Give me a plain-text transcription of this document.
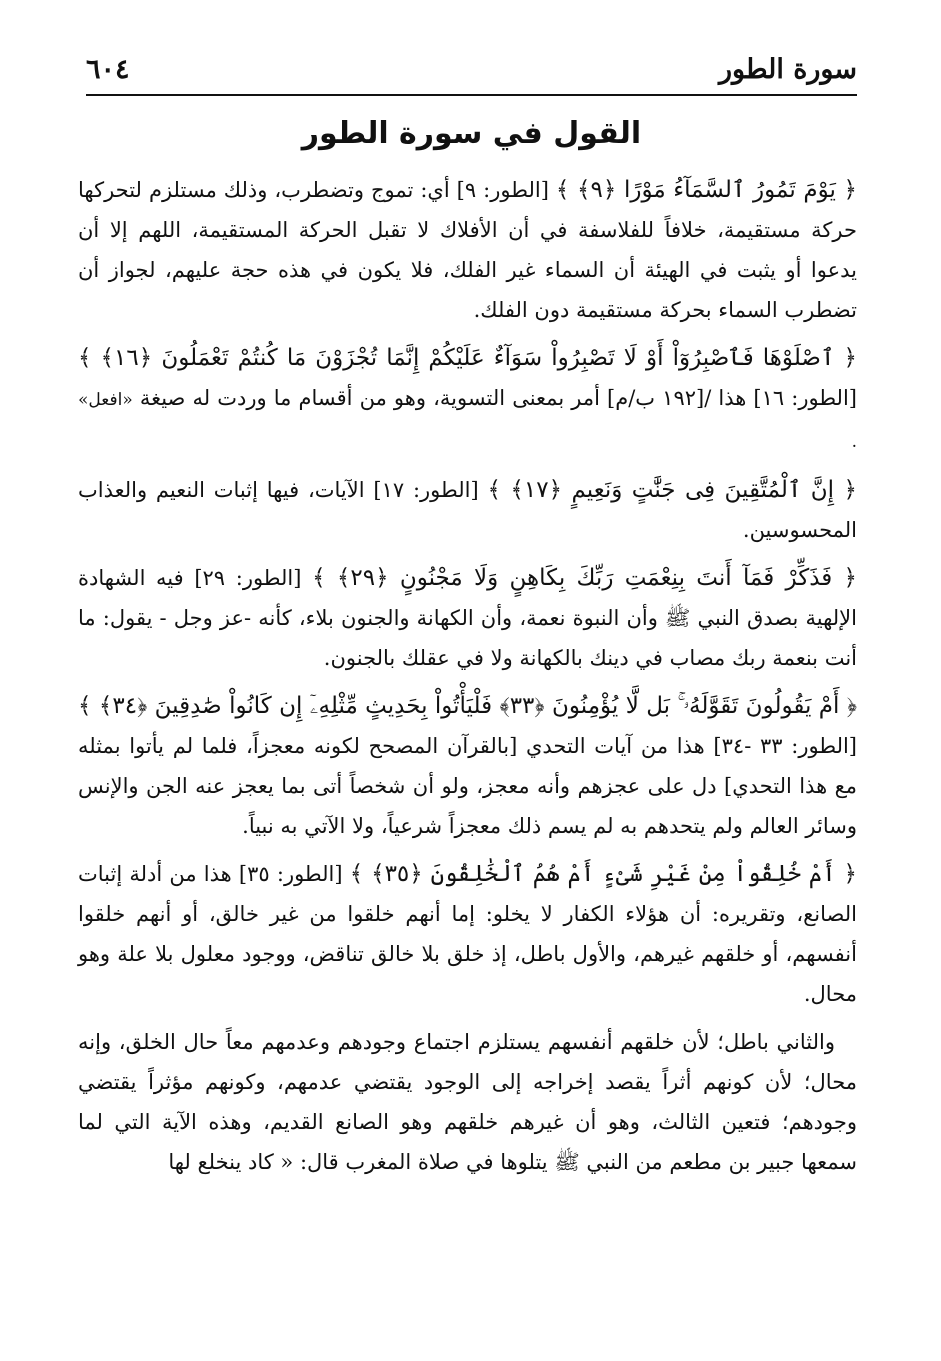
سورة الطور
٦٠٤
القول في سورة الطور

﴿ يَوْمَ تَمُورُ ٱلسَّمَآءُ مَوْرًا ﴿٩﴾ ﴾ [الطور: ٩] أي: تموج وتضطرب، وذلك مستلزم لتحركها حركة مستقيمة، خلافاً للفلاسفة في أن الأفلاك لا تقبل الحركة المستقيمة، اللهم إلا أن يدعوا أو يثبت في الهيئة أن السماء غير الفلك، فلا يكون في هذه حجة عليهم، لجواز أن تضطرب السماء بحركة مستقيمة دون الفلك.

﴿ ٱصْلَوْهَا فَٱصْبِرُوٓاْ أَوْ لَا تَصْبِرُواْ سَوَآءٌ عَلَيْكُمْ إِنَّمَا تُجْزَوْنَ مَا كُنتُمْ تَعْمَلُونَ ﴿١٦﴾ ﴾ [الطور: ١٦] هذا /[١٩٢ ب/م] أمر بمعنى التسوية، وهو من أقسام ما وردت له صيغة «افعل» .

﴿ إِنَّ ٱلْمُتَّقِينَ فِى جَنَّٰتٍ وَنَعِيمٍ ﴿١٧﴾ ﴾ [الطور: ١٧] الآيات، فيها إثبات النعيم والعذاب المحسوسين.

﴿ فَذَكِّرْ فَمَآ أَنتَ بِنِعْمَتِ رَبِّكَ بِكَاهِنٍ وَلَا مَجْنُونٍ ﴿٢٩﴾ ﴾ [الطور: ٢٩] فيه الشهادة الإلهية بصدق النبي ﷺ وأن النبوة نعمة، وأن الكهانة والجنون بلاء، كأنه -عز وجل - يقول: ما أنت بنعمة ربك مصاب في دينك بالكهانة ولا في عقلك بالجنون.

﴿ أَمْ يَقُولُونَ تَقَوَّلَهُۥ ۚ بَل لَّا يُؤْمِنُونَ ﴿٣٣﴾ فَلْيَأْتُواْ بِحَدِيثٍ مِّثْلِهِۦٓ إِن كَانُواْ صَٰدِقِينَ ﴿٣٤﴾ ﴾ [الطور: ٣٣ -٣٤] هذا من آيات التحدي [بالقرآن المصحح لكونه معجزاً، فلما لم يأتوا بمثله مع هذا التحدي] دل على عجزهم وأنه معجز، ولو أن شخصاً أتى بما يعجز عنه الجن والإنس وسائر العالم ولم يتحدهم به لم يسم ذلك معجزاً شرعياً، ولا الآتي به نبياً.

﴿ أَمْ خُلِقُواْ مِنْ غَيْرِ شَىْءٍ أَمْ هُمُ ٱلْخَٰلِقُونَ ﴿٣٥﴾ ﴾ [الطور: ٣٥] هذا من أدلة إثبات الصانع، وتقريره: أن هؤلاء الكفار لا يخلو: إما أنهم خلقوا من غير خالق، أو أنهم خلقوا أنفسهم، أو خلقهم غيرهم، والأول باطل، إذ خلق بلا خالق تناقض، ووجود معلول بلا علة وهو محال.

والثاني باطل؛ لأن خلقهم أنفسهم يستلزم اجتماع وجودهم وعدمهم معاً حال الخلق، وإنه محال؛ لأن كونهم أثراً يقصد إخراجه إلى الوجود يقتضي عدمهم، وكونهم مؤثراً يقتضي وجودهم؛ فتعين الثالث، وهو أن غيرهم خلقهم وهو الصانع القديم، وهذه الآية التي لما سمعها جبير بن مطعم من النبي ﷺ يتلوها في صلاة المغرب قال: « كاد ينخلع لها
